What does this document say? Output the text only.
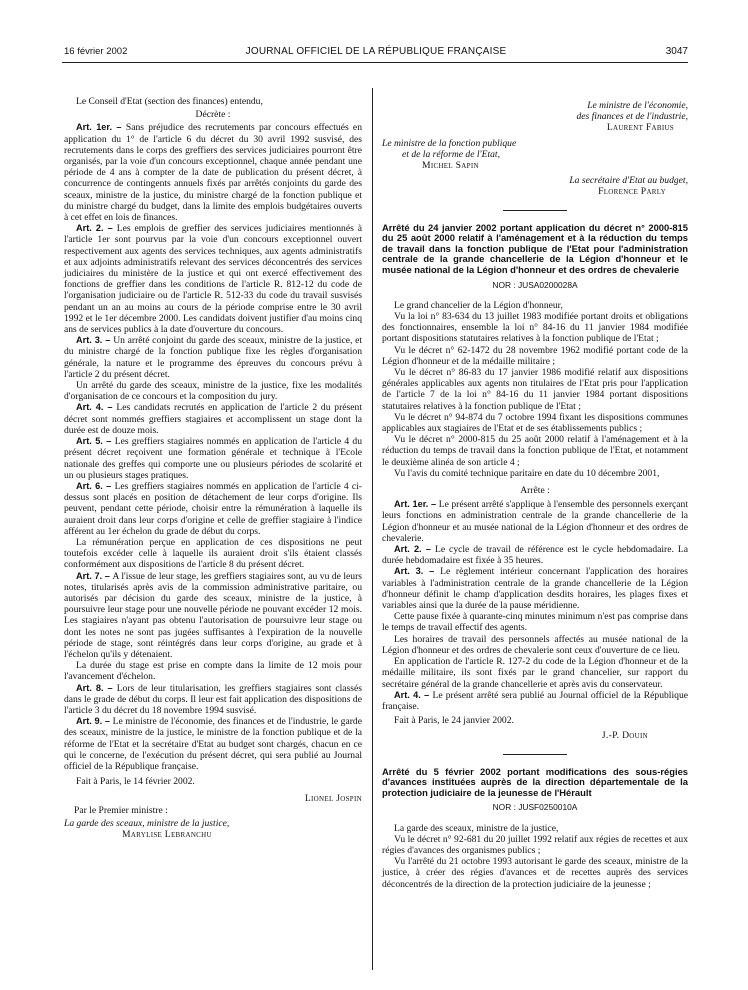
16 février 2002	JOURNAL OFFICIEL DE LA RÉPUBLIQUE FRANÇAISE	3047

Le Conseil d'Etat (section des finances) entendu,

Décrète :

Art. 1er. – Sans préjudice des recrutements par concours effectués en application du 1° de l'article 6 du décret du 30 avril 1992 susvisé, des recrutements dans le corps des greffiers des services judiciaires pourront être organisés, par la voie d'un concours exceptionnel, chaque année pendant une période de 4 ans à compter de la date de publication du présent décret, à concurrence de contingents annuels fixés par arrêtés conjoints du garde des sceaux, ministre de la justice, du ministre chargé de la fonction publique et du ministre chargé du budget, dans la limite des emplois budgétaires ouverts à cet effet en lois de finances.

Art. 2. – Les emplois de greffier des services judiciaires mentionnés à l'article 1er sont pourvus par la voie d'un concours exceptionnel ouvert respectivement aux agents des services techniques, aux agents administratifs et aux adjoints administratifs relevant des services déconcentrés des services judiciaires du ministère de la justice et qui ont exercé effectivement des fonctions de greffier dans les conditions de l'article R. 812-12 du code de l'organisation judiciaire ou de l'article R. 512-33 du code du travail susvisés pendant un an au moins au cours de la période comprise entre le 30 avril 1992 et le 1er décembre 2000. Les candidats doivent justifier d'au moins cinq ans de services publics à la date d'ouverture du concours.

Art. 3. – Un arrêté conjoint du garde des sceaux, ministre de la justice, et du ministre chargé de la fonction publique fixe les règles d'organisation générale, la nature et le programme des épreuves du concours prévu à l'article 2 du présent décret.

Un arrêté du garde des sceaux, ministre de la justice, fixe les modalités d'organisation de ce concours et la composition du jury.

Art. 4. – Les candidats recrutés en application de l'article 2 du présent décret sont nommés greffiers stagiaires et accomplissent un stage dont la durée est de douze mois.

Art. 5. – Les greffiers stagiaires nommés en application de l'article 4 du présent décret reçoivent une formation générale et technique à l'Ecole nationale des greffes qui comporte une ou plusieurs périodes de scolarité et un ou plusieurs stages pratiques.

Art. 6. – Les greffiers stagiaires nommés en application de l'article 4 ci-dessus sont placés en position de détachement de leur corps d'origine. Ils peuvent, pendant cette période, choisir entre la rémunération à laquelle ils auraient droit dans leur corps d'origine et celle de greffier stagiaire à l'indice afférent au 1er échelon du grade de début du corps.

La rémunération perçue en application de ces dispositions ne peut toutefois excéder celle à laquelle ils auraient droit s'ils étaient classés conformément aux dispositions de l'article 8 du présent décret.

Art. 7. – A l'issue de leur stage, les greffiers stagiaires sont, au vu de leurs notes, titularisés après avis de la commission administrative paritaire, ou autorisés par décision du garde des sceaux, ministre de la justice, à poursuivre leur stage pour une nouvelle période ne pouvant excéder 12 mois. Les stagiaires n'ayant pas obtenu l'autorisation de poursuivre leur stage ou dont les notes ne sont pas jugées suffisantes à l'expiration de la nouvelle période de stage, sont réintégrés dans leur corps d'origine, au grade et à l'échelon qu'ils y détenaient.

La durée du stage est prise en compte dans la limite de 12 mois pour l'avancement d'échelon.

Art. 8. – Lors de leur titularisation, les greffiers stagiaires sont classés dans le grade de début du corps. Il leur est fait application des dispositions de l'article 3 du décret du 18 novembre 1994 susvisé.

Art. 9. – Le ministre de l'économie, des finances et de l'industrie, le garde des sceaux, ministre de la justice, le ministre de la fonction publique et de la réforme de l'Etat et la secrétaire d'Etat au budget sont chargés, chacun en ce qui le concerne, de l'exécution du présent décret, qui sera publié au Journal officiel de la République française.

Fait à Paris, le 14 février 2002.

Lionel Jospin

Par le Premier ministre :

La garde des sceaux, ministre de la justice,

Marylise Lebranchu

Le ministre de l'économie,

des finances et de l'industrie,

Laurent Fabius

Le ministre de la fonction publique

et de la réforme de l'Etat,

Michel Sapin

La secrétaire d'Etat au budget,

Florence Parly

Arrêté du 24 janvier 2002 portant application du décret n° 2000-815 du 25 août 2000 relatif à l'aménagement et à la réduction du temps de travail dans la fonction publique de l'Etat pour l'administration centrale de la grande chancellerie de la Légion d'honneur et le musée national de la Légion d'honneur et des ordres de chevalerie

NOR : JUSA0200028A

Le grand chancelier de la Légion d'honneur,

Vu la loi n° 83-634 du 13 juillet 1983 modifiée portant droits et obligations des fonctionnaires, ensemble la loi n° 84-16 du 11 janvier 1984 modifiée portant dispositions statutaires relatives à la fonction publique de l'Etat ;

Vu le décret n° 62-1472 du 28 novembre 1962 modifié portant code de la Légion d'honneur et de la médaille militaire ;

Vu le décret n° 86-83 du 17 janvier 1986 modifié relatif aux dispositions générales applicables aux agents non titulaires de l'Etat pris pour l'application de l'article 7 de la loi n° 84-16 du 11 janvier 1984 portant dispositions statutaires relatives à la fonction publique de l'Etat ;

Vu le décret n° 94-874 du 7 octobre 1994 fixant les dispositions communes applicables aux stagiaires de l'Etat et de ses établissements publics ;

Vu le décret n° 2000-815 du 25 août 2000 relatif à l'aménagement et à la réduction du temps de travail dans la fonction publique de l'Etat, et notamment le deuxième alinéa de son article 4 ;

Vu l'avis du comité technique paritaire en date du 10 décembre 2001,

Arrête :

Art. 1er. – Le présent arrêté s'applique à l'ensemble des personnels exerçant leurs fonctions en administration centrale de la grande chancellerie de la Légion d'honneur et au musée national de la Légion d'honneur et des ordres de chevalerie.

Art. 2. – Le cycle de travail de référence est le cycle hebdomadaire. La durée hebdomadaire est fixée à 35 heures.

Art. 3. – Le règlement intérieur concernant l'application des horaires variables à l'administration centrale de la grande chancellerie de la Légion d'honneur définit le champ d'application desdits horaires, les plages fixes et variables ainsi que la durée de la pause méridienne.

Cette pause fixée à quarante-cinq minutes minimum n'est pas comprise dans le temps de travail effectif des agents.

Les horaires de travail des personnels affectés au musée national de la Légion d'honneur et des ordres de chevalerie sont ceux d'ouverture de ce lieu.

En application de l'article R. 127-2 du code de la Légion d'honneur et de la médaille militaire, ils sont fixés par le grand chancelier, sur rapport du secrétaire général de la grande chancellerie et après avis du conservateur.

Art. 4. – Le présent arrêté sera publié au Journal officiel de la République française.

Fait à Paris, le 24 janvier 2002.

J.-P. Douin

Arrêté du 5 février 2002 portant modifications des sous-régies d'avances instituées auprès de la direction départementale de la protection judiciaire de la jeunesse de l'Hérault

NOR : JUSF0250010A

La garde des sceaux, ministre de la justice,

Vu le décret n° 92-681 du 20 juillet 1992 relatif aux régies de recettes et aux régies d'avances des organismes publics ;

Vu l'arrêté du 21 octobre 1993 autorisant le garde des sceaux, ministre de la justice, à créer des régies d'avances et de recettes auprès des services déconcentrés de la direction de la protection judiciaire de la jeunesse ;
